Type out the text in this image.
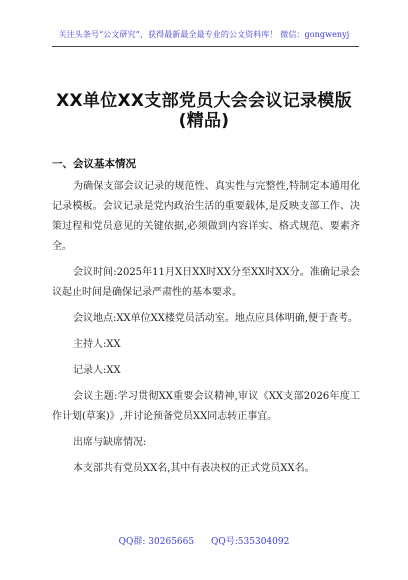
关注头条号“公文研究”，获得最新最全最专业的公文资料库！ 微信：gongwenyj
XX单位XX支部党员大会会议记录模版
(精品)
一、会议基本情况

为确保支部会议记录的规范性、真实性与完整性,特制定本通用化记录模板。会议记录是党内政治生活的重要载体,是反映支部工作、决策过程和党员意见的关键依据,必须做到内容详实、格式规范、要素齐全。

会议时间:2025年11月X日XX时XX分至XX时XX分。准确记录会议起止时间是确保记录严肃性的基本要求。

会议地点:XX单位XX楼党员活动室。地点应具体明确,便于查考。

主持人:XX

记录人:XX

会议主题:学习贯彻XX重要会议精神,审议《XX支部2026年度工作计划(草案)》,并讨论预备党员XX同志转正事宜。

出席与缺席情况:

本支部共有党员XX名,其中有表决权的正式党员XX名。

QQ群: 30265665 QQ号:535304092
